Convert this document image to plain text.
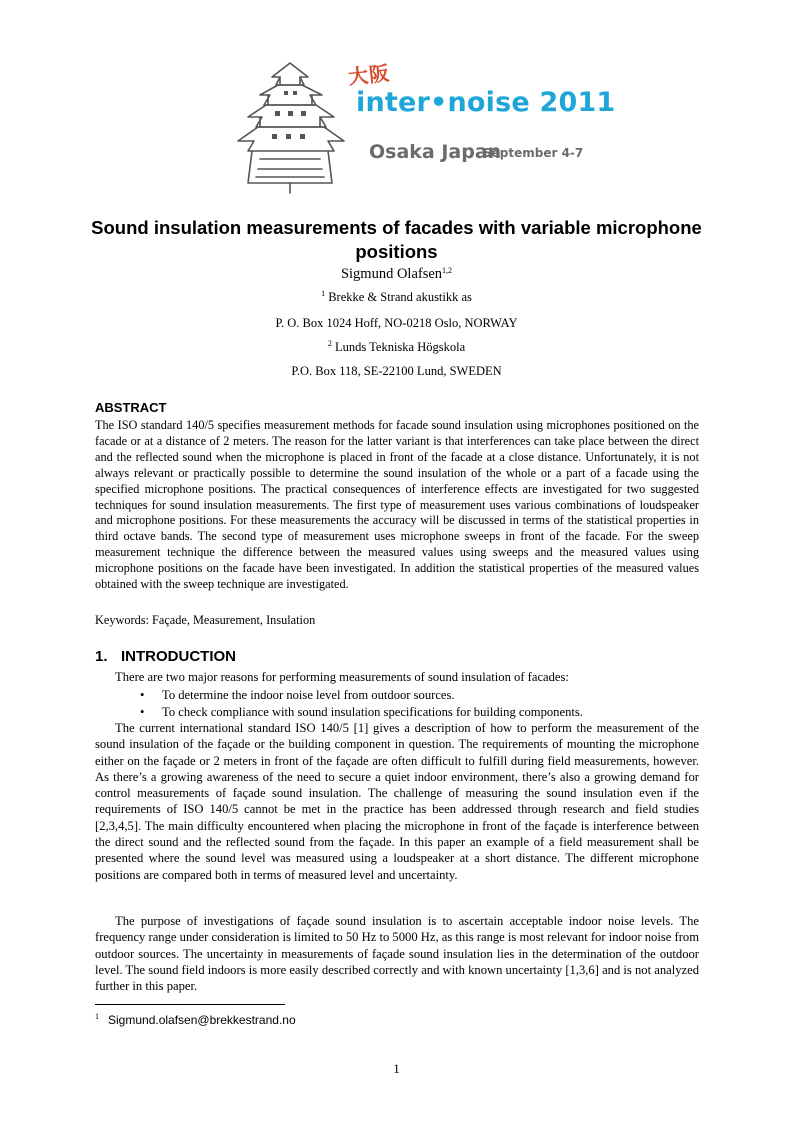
大阪
inter•noise 2011
Osaka Japan
September 4-7
Sound insulation measurements of facades with variable microphone positions
Sigmund Olafsen$^{1,2}$
$^1$ Brekke & Strand akustikk as
P. O. Box 1024 Hoff, NO-0218 Oslo, NORWAY
$^2$ Lunds Tekniska Högskola
P.O. Box 118, SE-22100 Lund, SWEDEN
ABSTRACT

The ISO standard 140/5 specifies measurement methods for facade sound insulation using microphones positioned on the facade or at a distance of 2 meters. The reason for the latter variant is that interferences can take place between the direct and the reflected sound when the microphone is placed in front of the facade at a close distance. Unfortunately, it is not always relevant or practically possible to determine the sound insulation of the whole or a part of a facade using the specified microphone positions. The practical consequences of interference effects are investigated for two suggested techniques for sound insulation measurements. The first type of measurement uses various combinations of loudspeaker and microphone positions. For these measurements the accuracy will be discussed in terms of the statistical properties in third octave bands. The second type of measurement uses microphone sweeps in front of the facade. For the sweep measurement technique the difference between the measured values using sweeps and the measured values using microphone positions on the facade have been investigated. In addition the statistical properties of the measured values obtained with the sweep technique are investigated.

Keywords: Façade, Measurement, Insulation
1. INTRODUCTION
There are two major reasons for performing measurements of sound insulation of facades:
• To determine the indoor noise level from outdoor sources.
• To check compliance with sound insulation specifications for building components.

The current international standard ISO 140/5 [1] gives a description of how to perform the measurement of the sound insulation of the façade or the building component in question. The requirements of mounting the microphone either on the façade or 2 meters in front of the façade are often difficult to fulfill during field measurements, however. As there’s a growing awareness of the need to secure a quiet indoor environment, there’s also a growing demand for control measurements of façade sound insulation. The challenge of measuring the sound insulation even if the requirements of ISO 140/5 cannot be met in the practice has been addressed through research and field studies [2,3,4,5]. The main difficulty encountered when placing the microphone in front of the façade is interference between the direct sound and the reflected sound from the façade. In this paper an example of a field measurement shall be presented where the sound level was measured using a loudspeaker at a short distance. The different microphone positions are compared both in terms of measured level and uncertainty.

The purpose of investigations of façade sound insulation is to ascertain acceptable indoor noise levels. The frequency range under consideration is limited to 50 Hz to 5000 Hz, as this range is most relevant for indoor noise from outdoor sources. The uncertainty in measurements of façade sound insulation lies in the determination of the outdoor level. The sound field indoors is more easily described correctly and with known uncertainty [1,3,6] and is not analyzed further in this paper.

$^1$ Sigmund.olafsen@brekkestrand.no
1
